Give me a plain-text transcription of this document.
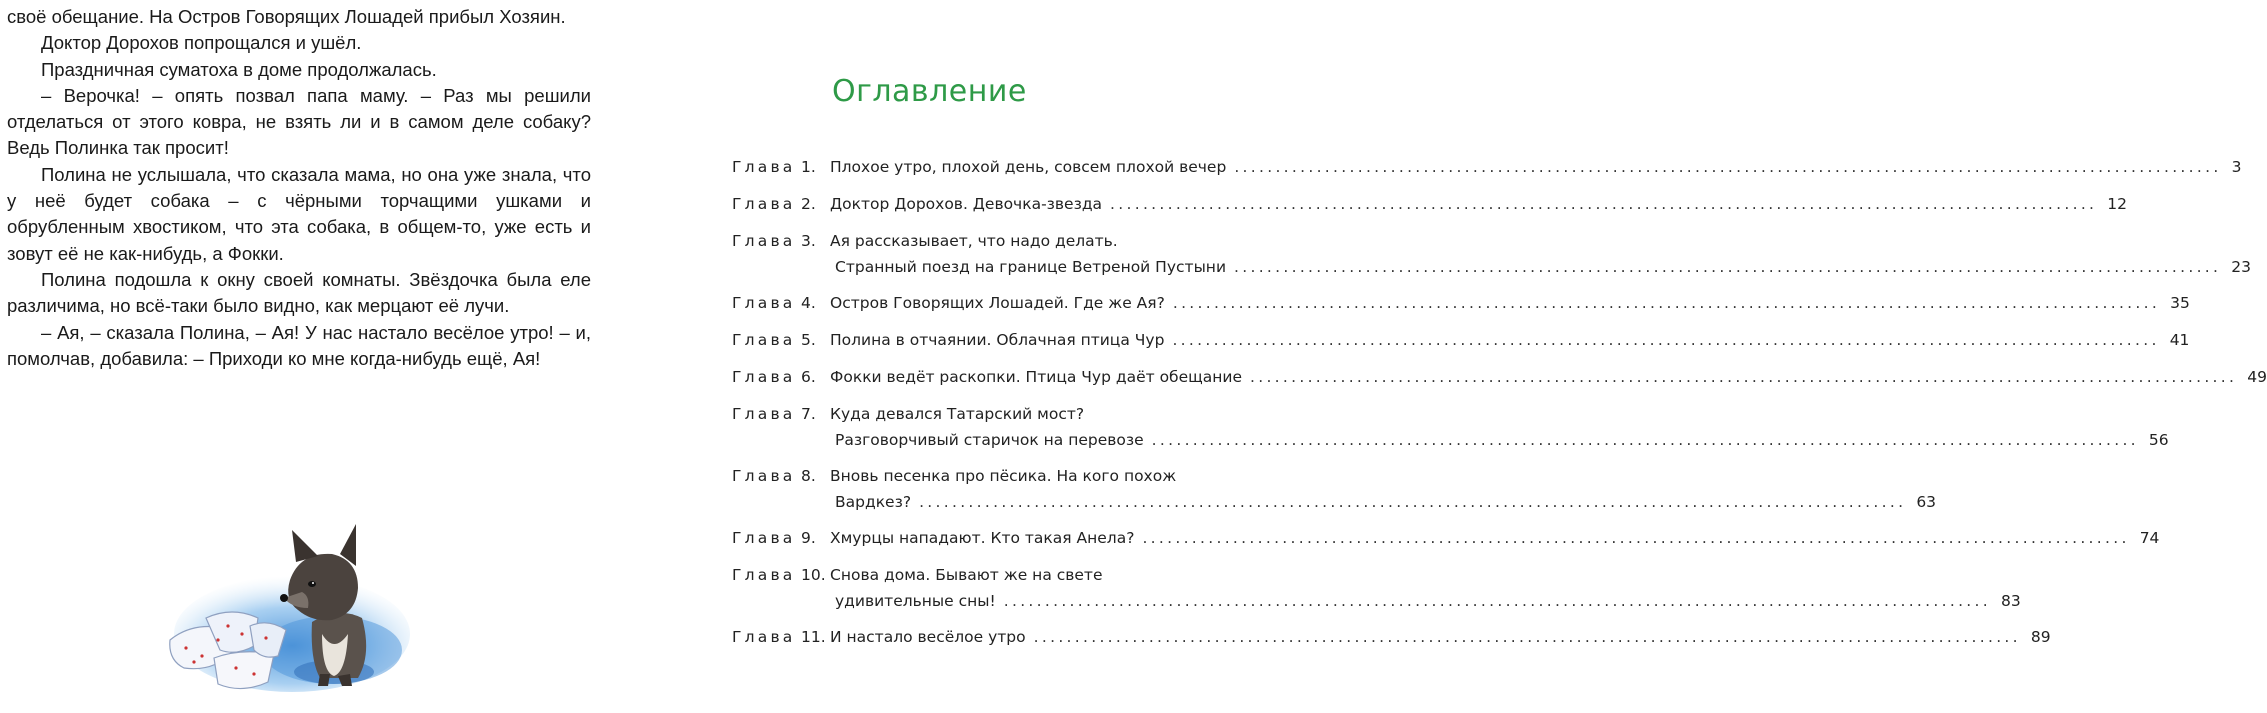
своё обещание. На Остров Говорящих Лошадей прибыл Хозяин.

Доктор Дорохов попрощался и ушёл.

Праздничная суматоха в доме продолжалась.

– Верочка! – опять позвал папа маму. – Раз мы решили отделаться от этого ковра, не взять ли и в самом деле собаку? Ведь Полинка так просит!

Полина не услышала, что сказала мама, но она уже знала, что у неё будет собака – с чёрными торчащими ушками и обрубленным хвостиком, что эта собака, в общем-то, уже есть и зовут её не как-нибудь, а Фокки.

Полина подошла к окну своей комнаты. Звёздочка была еле различима, но всё-таки было видно, как мерцают её лучи.

– Ая, – сказала Полина, – Ая! У нас настало весёлое утро! – и, помолчав, добавила: – Приходи ко мне когда-нибудь ещё, Ая!

Оглавление
Глава 1. Плохое утро, плохой день, совсем плохой вечер ........................................................................................................................ 3
Глава 2. Доктор Дорохов. Девочка-звезда ........................................................................................................................ 12
Глава 3. Ая рассказывает, что надо делать.
Странный поезд на границе Ветреной Пустыни ........................................................................................................................ 23
Глава 4. Остров Говорящих Лошадей. Где же Ая? ........................................................................................................................ 35
Глава 5. Полина в отчаянии. Облачная птица Чур ........................................................................................................................ 41
Глава 6. Фокки ведёт раскопки. Птица Чур даёт обещание ........................................................................................................................ 49
Глава 7. Куда девался Татарский мост?
Разговорчивый старичок на перевозе ........................................................................................................................ 56
Глава 8. Вновь песенка про пёсика. На кого похож
Вардкез? ........................................................................................................................ 63
Глава 9. Хмурцы нападают. Кто такая Анела? ........................................................................................................................ 74
Глава 10. Снова дома. Бывают же на свете
удивительные сны! ........................................................................................................................ 83
Глава 11. И настало весёлое утро ........................................................................................................................ 89
